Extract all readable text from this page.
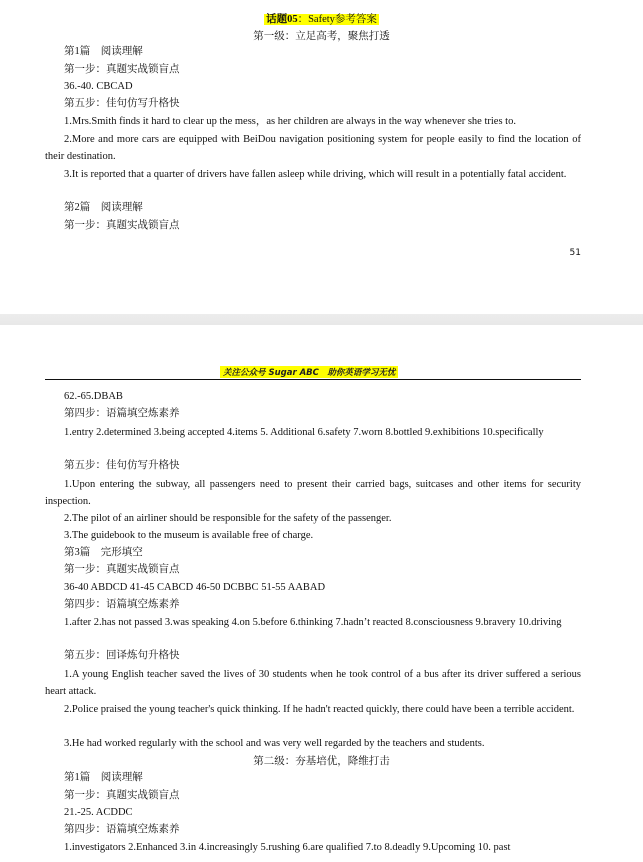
话题05：Safety参考答案
第一级：立足高考，聚焦打透
第1篇　阅读理解
第一步：真题实战锁盲点
36.-40. CBCAD
第五步：佳句仿写升格快
1.Mrs.Smith finds it hard to clear up the mess，as her children are always in the way whenever she tries to.
2.More and more cars are equipped with BeiDou navigation positioning system for people easily to find the location of their destination.
3.It is reported that a quarter of drivers have fallen asleep while driving, which will result in a potentially fatal accident.
第2篇　阅读理解
第一步：真题实战锁盲点
51
关注公众号 Sugar ABC　助你英语学习无忧
62.-65.DBAB
第四步：语篇填空炼素养
1.entry 2.determined 3.being accepted 4.items 5. Additional 6.safety 7.worn 8.bottled 9.exhibitions 10.specifically
第五步：佳句仿写升格快
1.Upon entering the subway, all passengers need to present their carried bags, suitcases and other items for security inspection.
2.The pilot of an airliner should be responsible for the safety of the passenger.
3.The guidebook to the museum is available free of charge.
第3篇　完形填空
第一步：真题实战锁盲点
36-40 ABDCD 41-45 CABCD 46-50 DCBBC 51-55 AABAD
第四步：语篇填空炼素养
1.after 2.has not passed 3.was speaking 4.on 5.before 6.thinking 7.hadn’t reacted 8.consciousness 9.bravery 10.driving
第五步：回译炼句升格快
1.A young English teacher saved the lives of 30 students when he took control of a bus after its driver suffered a serious heart attack.
2.Police praised the young teacher's quick thinking. If he hadn't reacted quickly, there could have been a terrible accident.
3.He had worked regularly with the school and was very well regarded by the teachers and students.
第二级：夯基培优，降维打击
第1篇　阅读理解
第一步：真题实战锁盲点
21.-25. ACDDC
第四步：语篇填空炼素养
1.investigators 2.Enhanced 3.in 4.increasingly 5.rushing 6.are qualified 7.to 8.deadly 9.Upcoming 10. past
